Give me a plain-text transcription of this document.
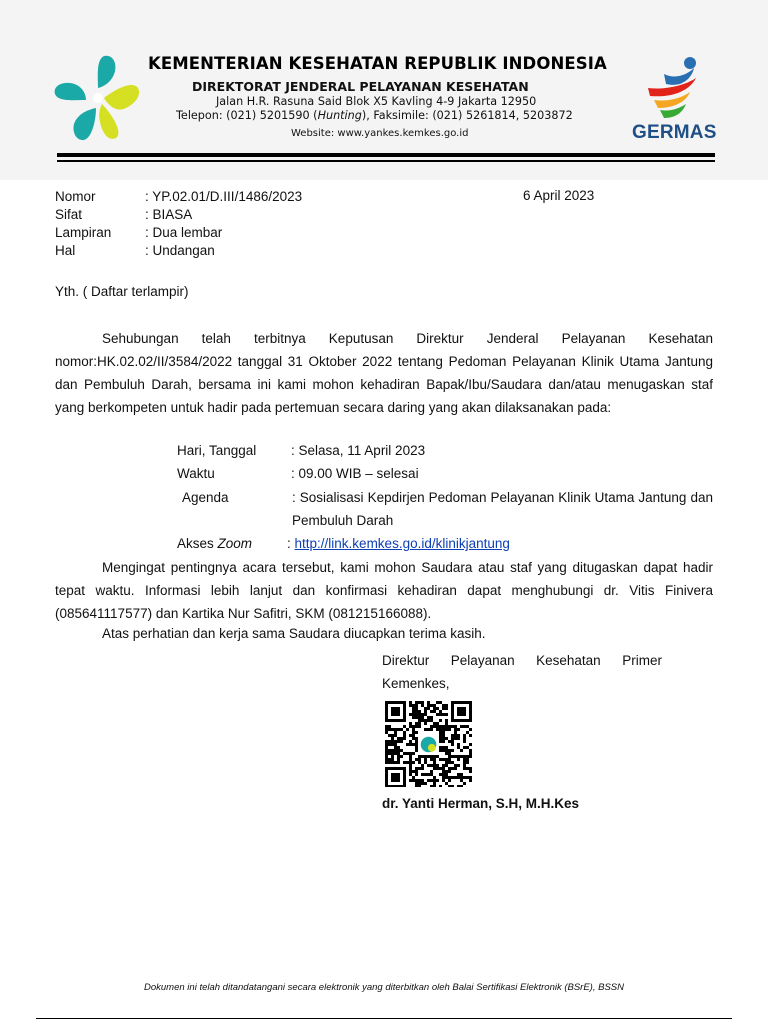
KEMENTERIAN KESEHATAN REPUBLIK INDONESIA
DIREKTORAT JENDERAL PELAYANAN KESEHATAN
Jalan H.R. Rasuna Said Blok X5 Kavling 4-9 Jakarta 12950
Telepon: (021) 5201590 (Hunting), Faksimile: (021) 5261814, 5203872
Website: www.yankes.kemkes.go.id	GERMAS
Nomor	: YP.02.01/D.III/1486/2023
Sifat	: BIASA
Lampiran	: Dua lembar
Hal	: Undangan
6 April 2023
Yth. ( Daftar terlampir)
Sehubungan telah terbitnya Keputusan Direktur Jenderal Pelayanan Kesehatan nomor:HK.02.02/II/3584/2022 tanggal 31 Oktober 2022 tentang Pedoman Pelayanan Klinik Utama Jantung dan Pembuluh Darah, bersama ini kami mohon kehadiran Bapak/Ibu/Saudara dan/atau menugaskan staf yang berkompeten untuk hadir pada pertemuan secara daring yang akan dilaksanakan pada:
Hari, Tanggal	: Selasa, 11 April 2023
Waktu	: 09.00 WIB – selesai
Agenda	: Sosialisasi Kepdirjen Pedoman Pelayanan Klinik Utama Jantung dan Pembuluh Darah
Akses Zoom	: http://link.kemkes.go.id/klinikjantung
Mengingat pentingnya acara tersebut, kami mohon Saudara atau staf yang ditugaskan dapat hadir tepat waktu. Informasi lebih lanjut dan konfirmasi kehadiran dapat menghubungi dr. Vitis Finivera (085641117577) dan Kartika Nur Safitri, SKM (081215166088).
Atas perhatian dan kerja sama Saudara diucapkan terima kasih.
Direktur Pelayanan Kesehatan Primer
Kemenkes,
dr. Yanti Herman, S.H, M.H.Kes
Dokumen ini telah ditandatangani secara elektronik yang diterbitkan oleh Balai Sertifikasi Elektronik (BSrE), BSSN
